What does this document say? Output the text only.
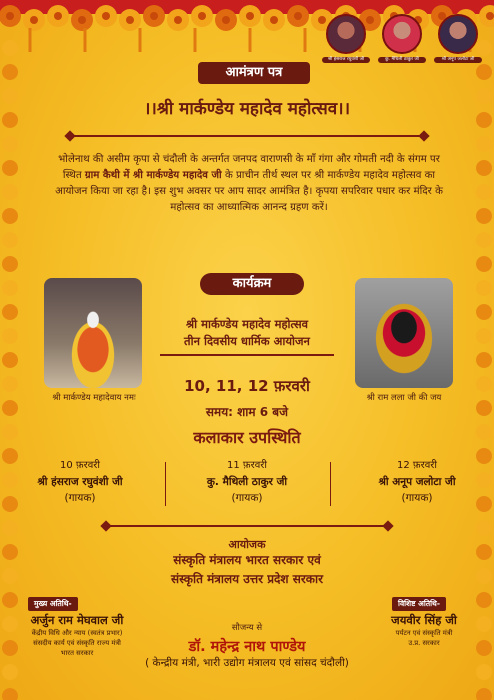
श्री हंसराज रघुवंशी जी	कु. मैथिली ठाकुर जी	श्री अनूप जलोटा जी
आमंत्रण पत्र
।।श्री मार्कण्डेय महादेव महोत्सव।।
भोलेनाथ की असीम कृपा से चंदौली के अन्तर्गत जनपद वाराणसी के माँ गंगा और गोमती नदी के संगम पर स्थित ग्राम कैथी में श्री मार्कण्डेय महादेव जी के प्राचीन तीर्थ स्थल पर श्री मार्कण्डेय महादेव महोत्सव का आयोजन किया जा रहा है। इस शुभ अवसर पर आप सादर आमंत्रित है। कृपया सपरिवार पधार कर मंदिर के महोत्सव का आध्यात्मिक आनन्द ग्रहण करें।
कार्यक्रम
श्री मार्कण्डेय महादेवाय नमः	श्री राम लला जी की जय
श्री मार्कण्डेय महादेव महोत्सव
तीन दिवसीय धार्मिक आयोजन
10, 11, 12 फ़रवरी
समय: शाम 6 बजे
कलाकार उपस्थिति
10 फ़रवरी
श्री हंसराज रघुवंशी जी
(गायक)
11 फ़रवरी
कु. मैथिली ठाकुर जी
(गायक)
12 फ़रवरी
श्री अनूप जलोटा जी
(गायक)
आयोजक
संस्कृति मंत्रालय भारत सरकार एवं
संस्कृति मंत्रालय उत्तर प्रदेश सरकार
मुख्य अतिथि-
अर्जुन राम मेघवाल जी
केंद्रीय विधि और न्याय (स्वतंत्र प्रभार)
संसदीय कार्य एवं संस्कृति राज्य मंत्री
भारत सरकार
विशिष्ट अतिथि-
जयवीर सिंह जी
पर्यटन एवं संस्कृति मंत्री
उ.प्र. सरकार
सौजन्य से
डॉ. महेन्द्र नाथ पाण्डेय
( केन्द्रीय मंत्री, भारी उद्योग मंत्रालय एवं सांसद चंदौली)
